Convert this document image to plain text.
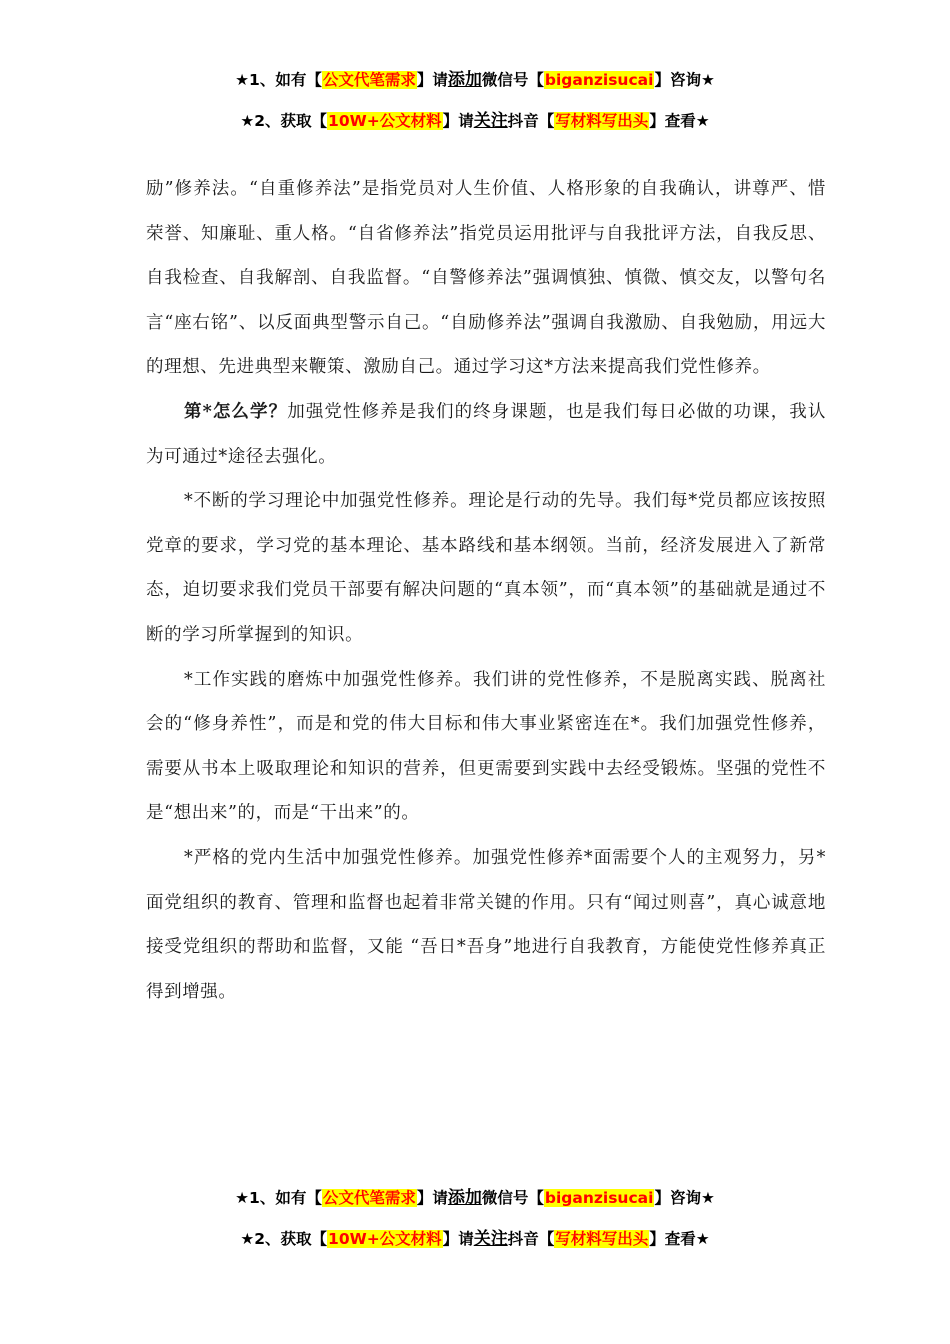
★1、如有【公文代笔需求】请添加微信号【biganzisucai】咨询★
★2、获取【10W+公文材料】请关注抖音【写材料写出头】查看★

励”修养法。“自重修养法”是指党员对人生价值、人格形象的自我确认，讲尊严、惜荣誉、知廉耻、重人格。“自省修养法”指党员运用批评与自我批评方法，自我反思、自我检查、自我解剖、自我监督。“自警修养法”强调慎独、慎微、慎交友，以警句名言“座右铭”、以反面典型警示自己。“自励修养法”强调自我激励、自我勉励，用远大的理想、先进典型来鞭策、激励自己。通过学习这*方法来提高我们党性修养。

第*怎么学？加强党性修养是我们的终身课题，也是我们每日必做的功课，我认为可通过*途径去强化。

*不断的学习理论中加强党性修养。理论是行动的先导。我们每*党员都应该按照党章的要求，学习党的基本理论、基本路线和基本纲领。当前，经济发展进入了新常态，迫切要求我们党员干部要有解决问题的“真本领”，而“真本领”的基础就是通过不断的学习所掌握到的知识。

*工作实践的磨炼中加强党性修养。我们讲的党性修养，不是脱离实践、脱离社会的“修身养性”，而是和党的伟大目标和伟大事业紧密连在*。我们加强党性修养，需要从书本上吸取理论和知识的营养，但更需要到实践中去经受锻炼。坚强的党性不是“想出来”的，而是“干出来”的。

*严格的党内生活中加强党性修养。加强党性修养*面需要个人的主观努力，另*面党组织的教育、管理和监督也起着非常关键的作用。只有“闻过则喜”，真心诚意地接受党组织的帮助和监督，又能 “吾日*吾身”地进行自我教育，方能使党性修养真正得到增强。

★1、如有【公文代笔需求】请添加微信号【biganzisucai】咨询★
★2、获取【10W+公文材料】请关注抖音【写材料写出头】查看★
